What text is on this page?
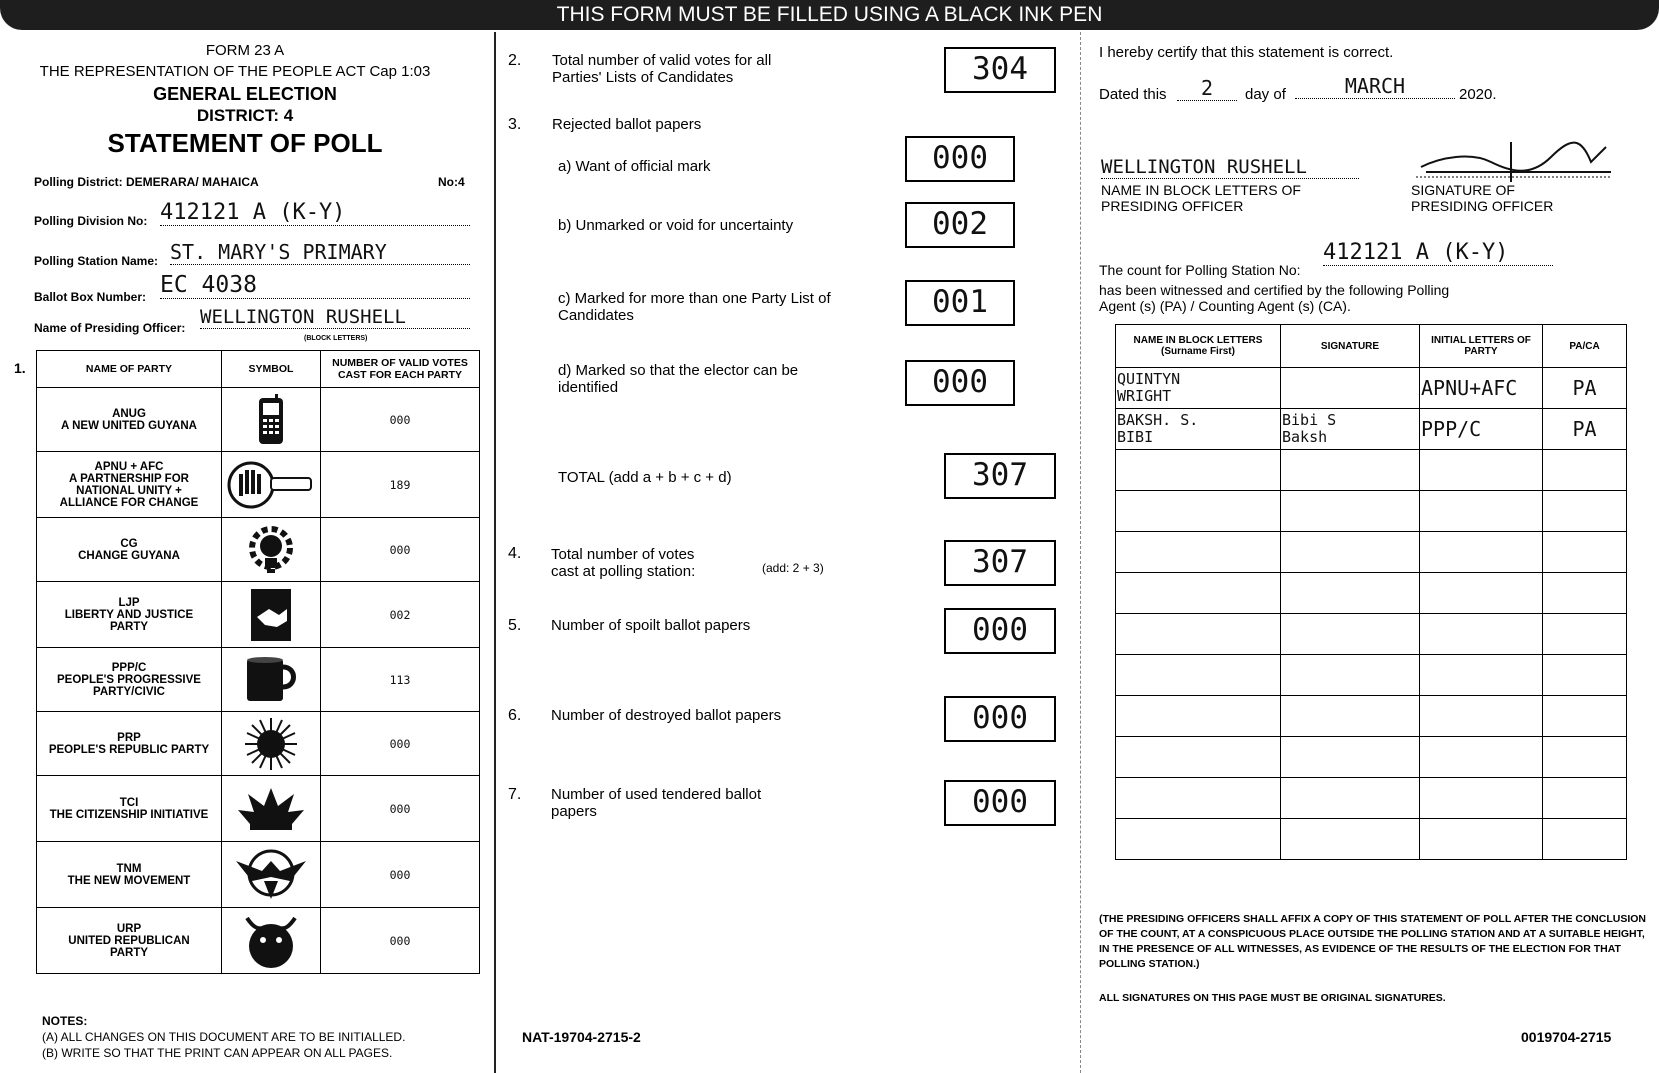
THIS FORM MUST BE FILLED USING A BLACK INK PEN
FORM 23 A
THE REPRESENTATION OF THE PEOPLE ACT Cap 1:03
GENERAL ELECTION
DISTRICT: 4
STATEMENT OF POLL
Polling District: DEMERARA/ MAHAICA	No:4
Polling Division No: 412121 A (K-Y)
Polling Station Name: ST. MARY'S PRIMARY
Ballot Box Number: EC 4038
Name of Presiding Officer: WELLINGTON RUSHELL
(BLOCK LETTERS)
1.	NAME OF PARTY	SYMBOL	NUMBER OF VALID VOTES CAST FOR EACH PARTY
ANUG
A NEW UNITED GUYANA		000
APNU + AFC
A PARTNERSHIP FOR
NATIONAL UNITY +
ALLIANCE FOR CHANGE		189
CG
CHANGE GUYANA		000
LJP
LIBERTY AND JUSTICE
PARTY		002
PPP/C
PEOPLE'S PROGRESSIVE
PARTY/CIVIC		113
PRP
PEOPLE'S REPUBLIC PARTY		000
TCI
THE CITIZENSHIP INITIATIVE		000
TNM
THE NEW MOVEMENT		000
URP
UNITED REPUBLICAN
PARTY		000
NOTES:
(A) ALL CHANGES ON THIS DOCUMENT ARE TO BE INITIALLED.
(B) WRITE SO THAT THE PRINT CAN APPEAR ON ALL PAGES.
2. Total number of valid votes for all
Parties' Lists of Candidates	304
3. Rejected ballot papers
a) Want of official mark	000
b) Unmarked or void for uncertainty	002
c) Marked for more than one Party List of
Candidates	001
d) Marked so that the elector can be
identified	000
TOTAL (add a + b + c + d)	307
4. Total number of votes
cast at polling station:	(add: 2 + 3)	307
5. Number of spoilt ballot papers	000
6. Number of destroyed ballot papers	000
7. Number of used tendered ballot
papers	000
NAT-19704-2715-2
I hereby certify that this statement is correct.
Dated this	2	day of	MARCH	2020.
WELLINGTON RUSHELL
NAME IN BLOCK LETTERS OF
PRESIDING OFFICER
SIGNATURE OF
PRESIDING OFFICER
The count for Polling Station No:
412121 A (K-Y)
has been witnessed and certified by the following Polling
Agent (s) (PA) / Counting Agent (s) (CA).
NAME IN BLOCK LETTERS
(Surname First)	SIGNATURE	INITIAL LETTERS OF
PARTY	PA/CA
QUINTYN
WRIGHT		APNU+AFC	PA
BAKSH. S.
BIBI	Bibi S
Baksh	PPP/C	PA

(THE PRESIDING OFFICERS SHALL AFFIX A COPY OF THIS STATEMENT OF POLL AFTER THE CONCLUSION OF THE COUNT, AT A CONSPICUOUS PLACE OUTSIDE THE POLLING STATION AND AT A SUITABLE HEIGHT, IN THE PRESENCE OF ALL WITNESSES, AS EVIDENCE OF THE RESULTS OF THE ELECTION FOR THAT POLLING STATION.)
ALL SIGNATURES ON THIS PAGE MUST BE ORIGINAL SIGNATURES.
0019704-2715
